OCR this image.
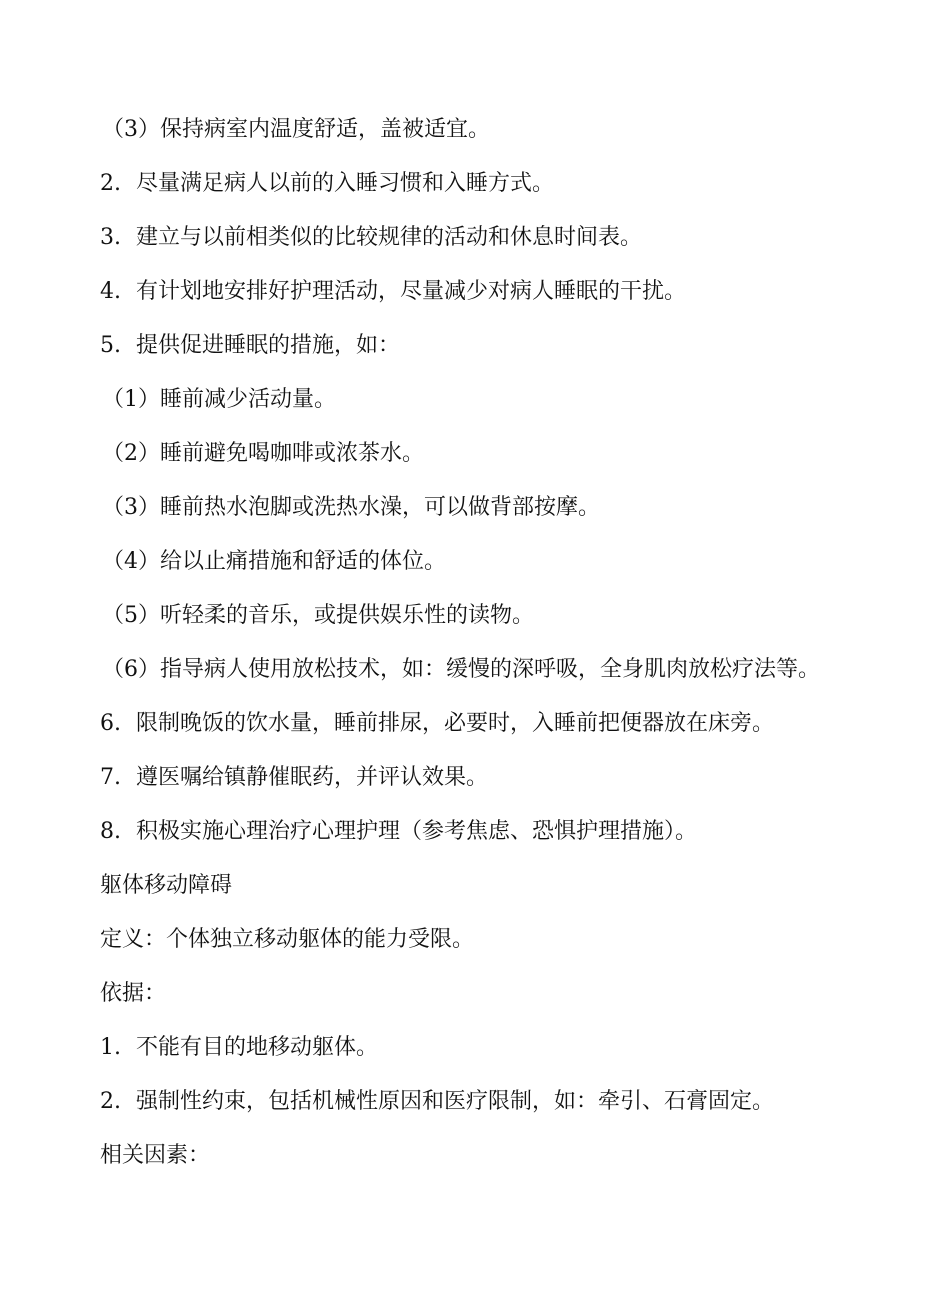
（3）保持病室内温度舒适，盖被适宜。
2. 尽量满足病人以前的入睡习惯和入睡方式。
3. 建立与以前相类似的比较规律的活动和休息时间表。
4. 有计划地安排好护理活动，尽量减少对病人睡眠的干扰。
5. 提供促进睡眠的措施，如：
（1）睡前减少活动量。
（2）睡前避免喝咖啡或浓茶水。
（3）睡前热水泡脚或洗热水澡，可以做背部按摩。
（4）给以止痛措施和舒适的体位。
（5）听轻柔的音乐，或提供娱乐性的读物。
（6）指导病人使用放松技术，如：缓慢的深呼吸，全身肌肉放松疗法等。
6. 限制晚饭的饮水量，睡前排尿，必要时，入睡前把便器放在床旁。
7. 遵医嘱给镇静催眠药，并评认效果。
8. 积极实施心理治疗心理护理（参考焦虑、恐惧护理措施）。
躯体移动障碍
定义：个体独立移动躯体的能力受限。
依据：
1. 不能有目的地移动躯体。
2. 强制性约束，包括机械性原因和医疗限制，如：牵引、石膏固定。
相关因素：
